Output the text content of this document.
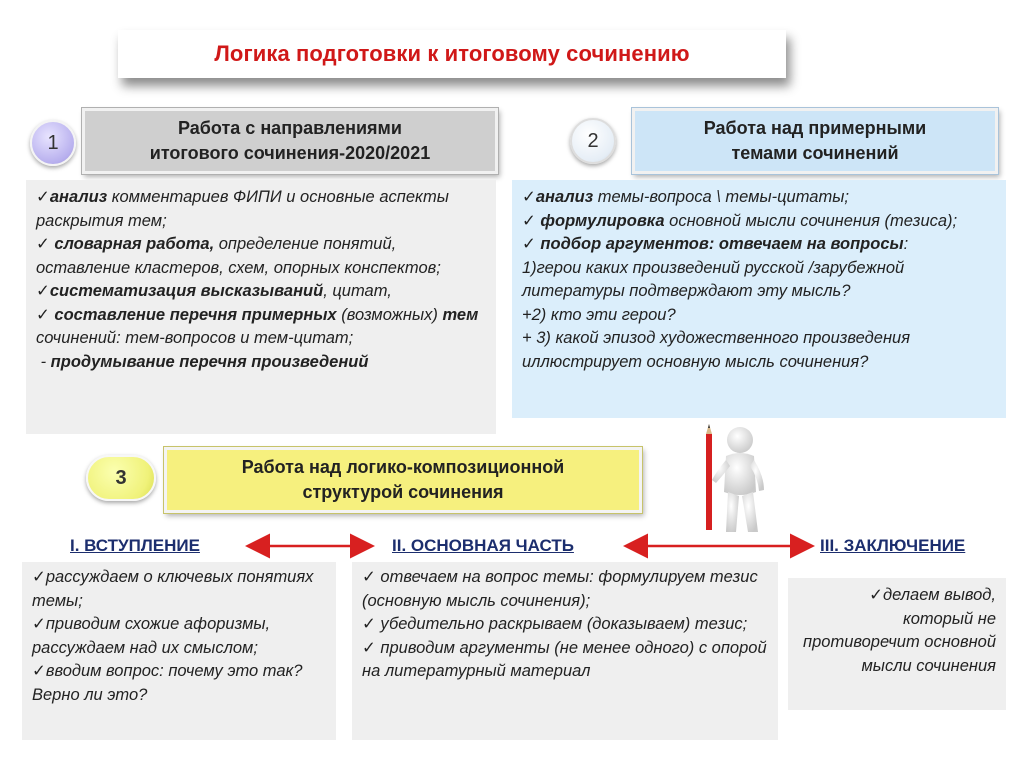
Логика подготовки к итоговому сочинению
1
Работа с направлениями
итогового сочинения-2020/2021
✓анализ комментариев ФИПИ и основные аспекты раскрытия тем;
✓ словарная работа, определение понятий, оставление кластеров, схем, опорных конспектов;
✓систематизация высказываний, цитат,
✓ составление перечня примерных (возможных) тем сочинений: тем-вопросов и тем-цитат;
- продумывание перечня произведений
2
Работа над примерными
темами сочинений
✓анализ темы-вопроса \ темы-цитаты;
✓ формулировка основной мысли сочинения (тезиса);
✓ подбор аргументов: отвечаем на вопросы:
1)герои каких произведений русской /зарубежной литературы подтверждают эту мысль?
+2) кто эти герои?
+ 3) какой эпизод художественного произведения иллюстрирует основную мысль сочинения?
3	Работа над логико-композиционной
структурой сочинения
I. ВСТУПЛЕНИЕ	II. ОСНОВНАЯ ЧАСТЬ	III. ЗАКЛЮЧЕНИЕ
✓рассуждаем о ключевых понятиях темы;
✓приводим схожие афоризмы, рассуждаем над их смыслом;
✓вводим вопрос: почему это так? Верно ли это?
✓ отвечаем на вопрос темы: формулируем тезис (основную мысль сочинения);
✓ убедительно раскрываем (доказываем) тезис;
✓ приводим аргументы (не менее одного) с опорой на литературный материал
✓делаем вывод, который не противоречит основной мысли сочинения
